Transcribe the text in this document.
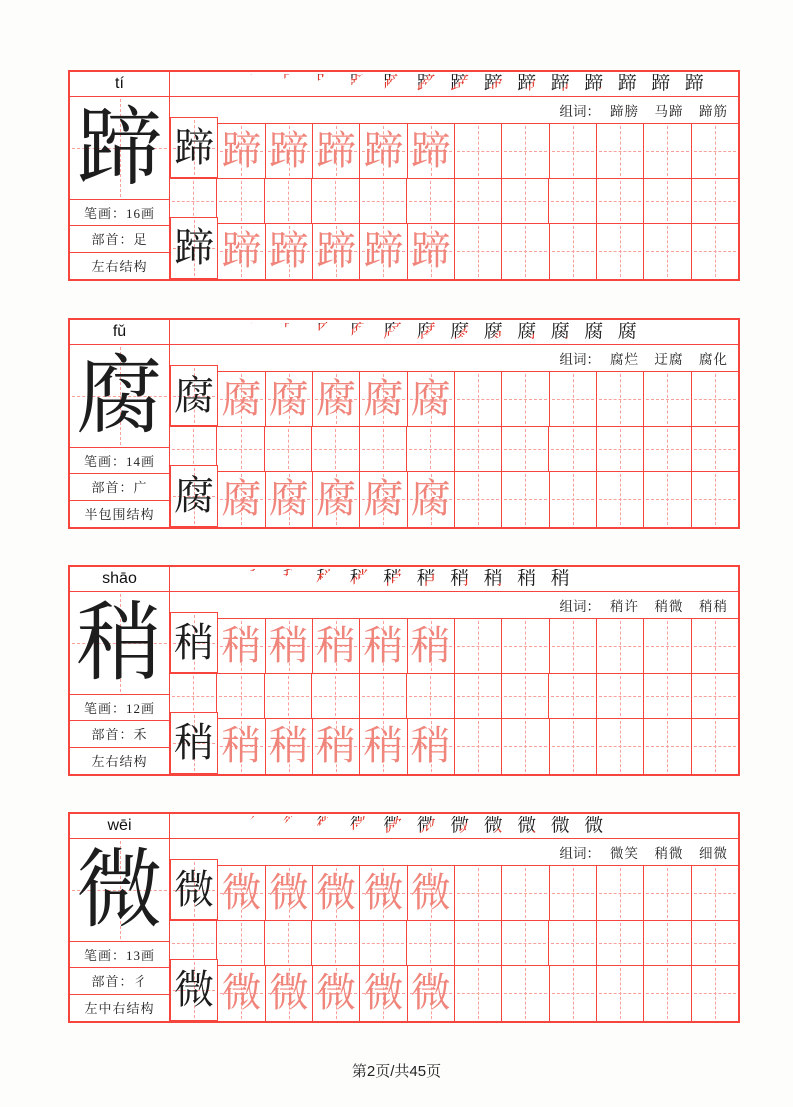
tí
蹄
笔画：16画
部首：足
左右结构
蹄 蹄 蹄 蹄 蹄 蹄 蹄 蹄 蹄 蹄 蹄 蹄 蹄 蹄 蹄 蹄
组词： 蹄膀  马蹄  蹄筋
蹄 蹄 蹄 蹄 蹄 蹄
蹄 蹄 蹄 蹄 蹄 蹄
fǔ
腐
笔画：14画
部首：广
半包围结构
腐 腐 腐 腐 腐 腐 腐 腐 腐 腐 腐 腐 腐 腐
组词： 腐烂  迂腐  腐化
腐 腐 腐 腐 腐 腐
腐 腐 腐 腐 腐 腐
shāo
稍
笔画：12画
部首：禾
左右结构
稍 稍 稍 稍 稍 稍 稍 稍 稍 稍 稍 稍
组词： 稍许  稍微  稍稍
稍 稍 稍 稍 稍 稍
稍 稍 稍 稍 稍 稍
wēi
微
笔画：13画
部首：彳
左中右结构
微 微 微 微 微 微 微 微 微 微 微 微 微
组词： 微笑  稍微  细微
微 微 微 微 微 微
微 微 微 微 微 微
第2页/共45页
